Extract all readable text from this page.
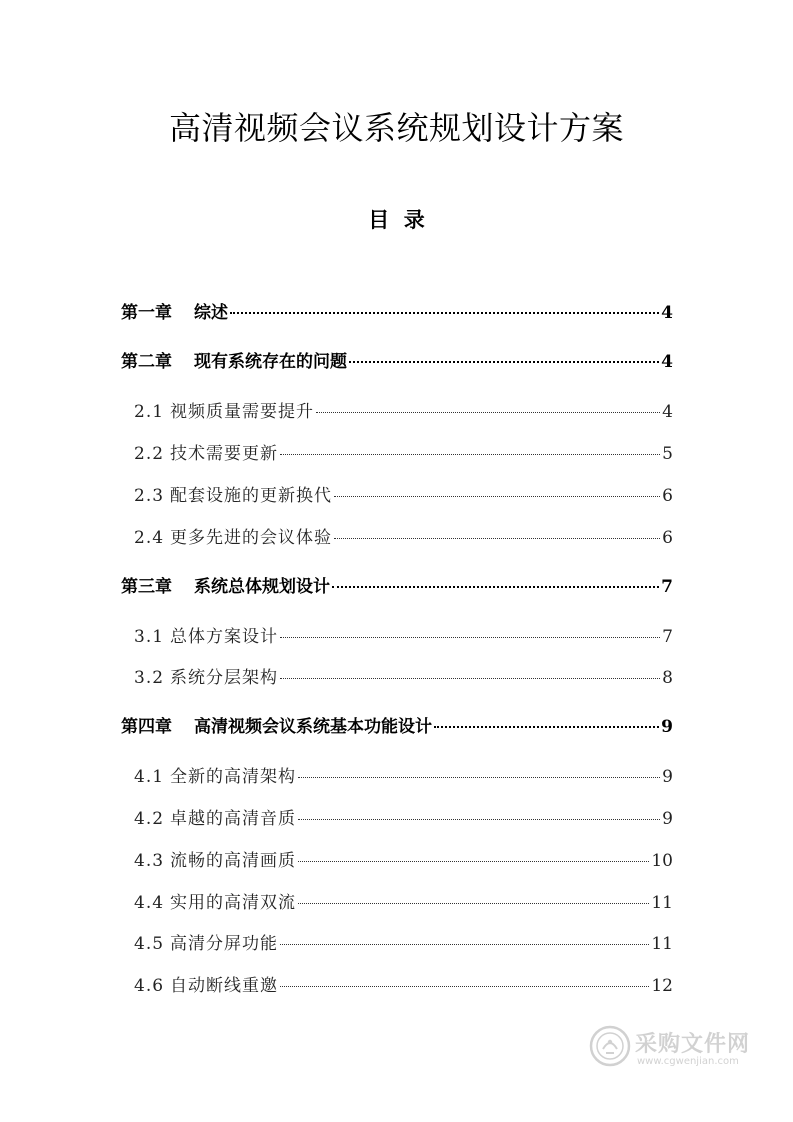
高清视频会议系统规划设计方案
目  录
第一章 综述	4
第二章 现有系统存在的问题	4
2.1 视频质量需要提升	4
2.2 技术需要更新	5
2.3 配套设施的更新换代	6
2.4 更多先进的会议体验	6
第三章 系统总体规划设计	7
3.1 总体方案设计	7
3.2 系统分层架构	8
第四章 高清视频会议系统基本功能设计	9
4.1 全新的高清架构	9
4.2 卓越的高清音质	9
4.3 流畅的高清画质	10
4.4 实用的高清双流	11
4.5 高清分屏功能	11
4.6 自动断线重邀	12
采购文件网
www.cgwenjian.com
